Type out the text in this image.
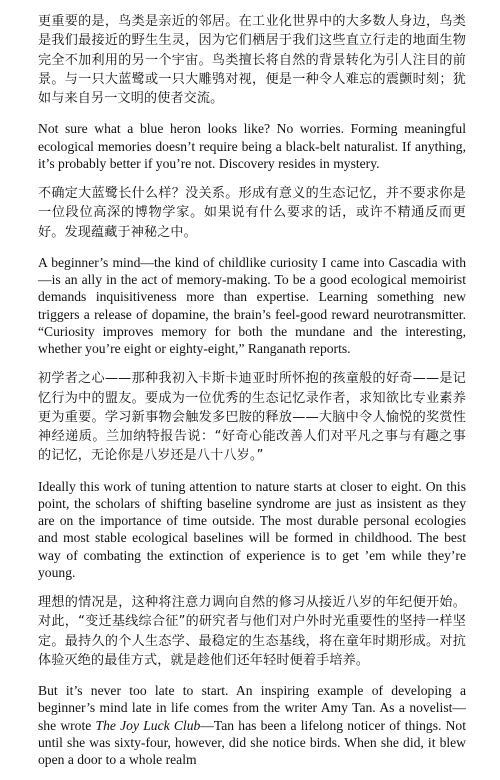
更重要的是，鸟类是亲近的邻居。在工业化世界中的大多数人身边，鸟类是我们最接近的野生生灵，因为它们栖居于我们这些直立行走的地面生物完全不加利用的另一个宇宙。鸟类擅长将自然的背景转化为引人注目的前景。与一只大蓝鹭或一只大雕鸮对视，便是一种令人难忘的震颤时刻；犹如与来自另一文明的使者交流。

Not sure what a blue heron looks like? No worries. Forming meaningful ecological memories doesn’t require being a black-belt naturalist. If anything, it’s probably better if you’re not. Discovery resides in mystery.

不确定大蓝鹭长什么样？没关系。形成有意义的生态记忆，并不要求你是一位段位高深的博物学家。如果说有什么要求的话，或许不精通反而更好。发现蕴藏于神秘之中。

A beginner’s mind—the kind of childlike curiosity I came into Cascadia with—is an ally in the act of memory-making. To be a good ecological memoirist demands inquisitiveness more than expertise. Learning something new triggers a release of dopamine, the brain’s feel-good reward neurotransmitter. “Curiosity improves memory for both the mundane and the interesting, whether you’re eight or eighty-eight,” Ranganath reports.

初学者之心——那种我初入卡斯卡迪亚时所怀抱的孩童般的好奇——是记忆行为中的盟友。要成为一位优秀的生态记忆录作者，求知欲比专业素养更为重要。学习新事物会触发多巴胺的释放——大脑中令人愉悦的奖赏性神经递质。兰加纳特报告说：“好奇心能改善人们对平凡之事与有趣之事的记忆，无论你是八岁还是八十八岁。”

Ideally this work of tuning attention to nature starts at closer to eight. On this point, the scholars of shifting baseline syndrome are just as insistent as they are on the importance of time outside. The most durable personal ecologies and most stable ecological baselines will be formed in childhood. The best way of combating the extinction of experience is to get ’em while they’re young.

理想的情况是，这种将注意力调向自然的修习从接近八岁的年纪便开始。对此，“变迁基线综合征”的研究者与他们对户外时光重要性的坚持一样坚定。最持久的个人生态学、最稳定的生态基线，将在童年时期形成。对抗体验灭绝的最佳方式，就是趁他们还年轻时便着手培养。

But it’s never too late to start. An inspiring example of developing a beginner’s mind late in life comes from the writer Amy Tan. As a novelist—she wrote The Joy Luck Club—Tan has been a lifelong noticer of things. Not until she was sixty-four, however, did she notice birds. When she did, it blew open a door to a whole realm
